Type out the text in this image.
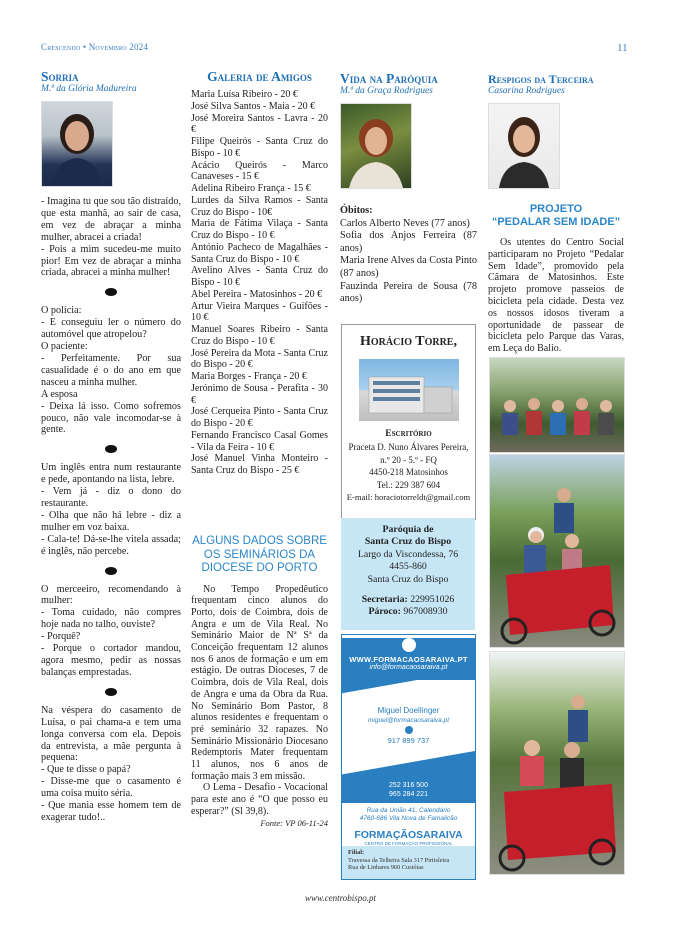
Crescendo • Novembro 2024	11
Sorria
M.ª da Glória Madureira

- Imagina tu que sou tão distraído, que esta manhã, ao sair de casa, em vez de abraçar a minha mulher, abracei a criada!

- Pois a mim sucedeu-me muito pior! Em vez de abraçar a minha criada, abracei a minha mulher!

O polícia:

- E conseguiu ler o número do automóvel que atropelou?

O paciente:

- Perfeitamente. Por sua casualidade é o do ano em que nasceu a minha mulher.

A esposa

- Deixa lá isso. Como sofremos pouco, não vale incomodar-se à gente.

Um inglês entra num restaurante e pede, apontando na lista, lebre.

- Vem já - diz o dono do restaurante.

- Olha que não há lebre - diz a mulher em voz baixa.

- Cala-te! Dá-se-lhe vitela assada; é inglês, não percebe.

O merceeiro, recomendando à mulher:

- Toma cuidado, não compres hoje nada no talho, ouviste?

- Porquê?

- Porque o cortador mandou, agora mesmo, pedir as nossas balanças emprestadas.

Na véspera do casamento de Luísa, o pai chama-a e tem uma longa conversa com ela. Depois da entrevista, a mãe pergunta à pequena:

- Que te disse o papá?

- Disse-me que o casamento é uma coisa muito séria.

- Que mania esse homem tem de exagerar tudo!..

Galeria de Amigos
Maria Luísa Ribeiro - 20 €
José Silva Santos - Maia - 20 €
José Moreira Santos - Lavra - 20 €
Filipe Queirós - Santa Cruz do Bispo - 10 €
Acácio Queirós - Marco Canaveses - 15 €
Adelina Ribeiro França - 15 €
Lurdes da Silva Ramos - Santa Cruz do Bispo - 10€
Maria de Fátima Vilaça - Santa Cruz do Bispo - 10 €
António Pacheco de Magalhães - Santa Cruz do Bispo - 10 €
Avelino Alves - Santa Cruz do Bispo - 10 €
Abel Pereira - Matosinhos - 20 €
Artur Vieira Marques - Guifões - 10 €
Manuel Soares Ribeiro - Santa Cruz do Bispo - 10 €
José Pereira da Mota - Santa Cruz do Bispo - 20 €
Maria Borges - França - 20 €
Jerónimo de Sousa - Perafita - 30 €
José Cerqueira Pinto - Santa Cruz do Bispo - 20 €
Fernando Francisco Casal Gomes - Vila da Feira - 10 €
José Manuel Vinha Monteiro - Santa Cruz do Bispo - 25 €
ALGUNS DADOS SOBRE OS SEMINÁRIOS DA DIOCESE DO PORTO

No Tempo Propedêutico frequentam cinco alunos do Porto, dois de Coimbra, dois de Angra e um de Vila Real. No Seminário Maior de Nª Sª da Conceição frequentam 12 alunos nos 6 anos de formação e um em estágio. De outras Dioceses, 7 de Coimbra, dois de Vila Real, dois de Angra e uma da Obra da Rua. No Seminário Bom Pastor, 8 alunos residentes e frequentam o pré seminário 32 rapazes. No Seminário Missionário Diocesano Redemptoris Mater frequentam 11 alunos, nos 6 anos de formação mais 3 em missão.

O Lema - Desafio - Vocacional para este ano é “O que posso eu esperar?” (Sl 39,8).

Fonte: VP 06-11-24

Vida na Paróquia
M.ª da Graça Rodrigues

Óbitos:

Carlos Alberto Neves (77 anos)
Sofia dos Anjos Ferreira (87 anos)
Maria Irene Alves da Costa Pinto (87 anos)
Fauzinda Pereira de Sousa (78 anos)
Horácio Torre,
Escritório
Praceta D. Nuno Álvares Pereira,
n.º 20 - 5.º - FQ
4450-218 Matosinhos
Tel.: 229 387 604
E-mail: horaciotorreldt@gmail.com
Paróquia de
Santa Cruz do Bispo
Largo da Viscondessa, 76
4455-860
Santa Cruz do Bispo
Secretaria: 229951026
Pároco: 967008930
WWW.FORMACAOSARAIVA.PT
info@formacaosaraiva.pt
Miguel Doellinger
miguel@formacaosaraiva.pt
917 899 737
252 316 500
965 284 221
Rua da União 41, Calendário
4760-686 Vila Nova de Famalicão
FORMAÇÃOSARAIVA
CENTRO DE FORMAÇÃO PROFISSIONAL
Filial:
Travessa da Telheira Sala 317 Pirtisleira
Rua de Linhares 960 Custóias
Respigos da Terceira
Casarina Rodrigues
PROJETO
“PEDALAR SEM IDADE”
Os utentes do Centro Social participaram no Projeto “Pedalar Sem Idade”, promovido pela Câmara de Matosinhos. Este projeto promove passeios de bicicleta pela cidade. Desta vez os nossos idosos tiveram a oportunidade de passear de bicicleta pelo Parque das Varas, em Leça do Balio.
www.centrobispo.pt
